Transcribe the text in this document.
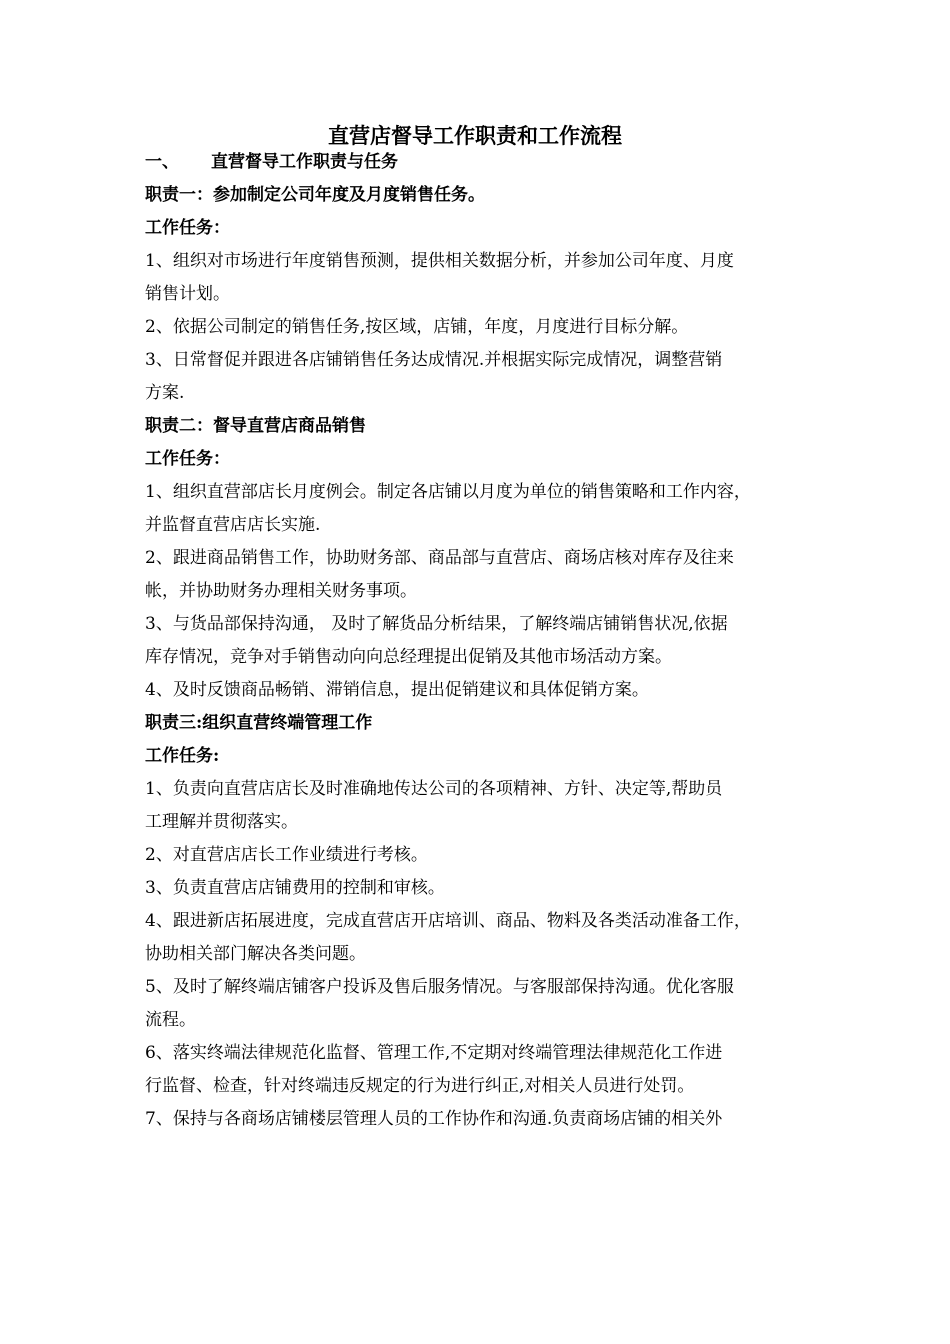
直营店督导工作职责和工作流程

一、 直营督导工作职责与任务

职责一：参加制定公司年度及月度销售任务。

工作任务：

1、组织对市场进行年度销售预测，提供相关数据分析，并参加公司年度、月度

销售计划。

2、依据公司制定的销售任务,按区域，店铺，年度，月度进行目标分解。

3、日常督促并跟进各店铺销售任务达成情况.并根据实际完成情况，调整营销

方案.

职责二：督导直营店商品销售

工作任务：

1、组织直营部店长月度例会。制定各店铺以月度为单位的销售策略和工作内容，

并监督直营店店长实施.

2、跟进商品销售工作，协助财务部、商品部与直营店、商场店核对库存及往来

帐，并协助财务办理相关财务事项。

3、与货品部保持沟通， 及时了解货品分析结果，了解终端店铺销售状况,依据

库存情况，竞争对手销售动向向总经理提出促销及其他市场活动方案。

4、及时反馈商品畅销、滞销信息，提出促销建议和具体促销方案。

职责三:组织直营终端管理工作

工作任务:

1、负责向直营店店长及时准确地传达公司的各项精神、方针、决定等,帮助员

工理解并贯彻落实。

2、对直营店店长工作业绩进行考核。

3、负责直营店店铺费用的控制和审核。

4、跟进新店拓展进度，完成直营店开店培训、商品、物料及各类活动准备工作，

协助相关部门解决各类问题。

5、及时了解终端店铺客户投诉及售后服务情况。与客服部保持沟通。优化客服

流程。

6、落实终端法律规范化监督、管理工作,不定期对终端管理法律规范化工作进

行监督、检查，针对终端违反规定的行为进行纠正,对相关人员进行处罚。

7、保持与各商场店铺楼层管理人员的工作协作和沟通.负责商场店铺的相关外
